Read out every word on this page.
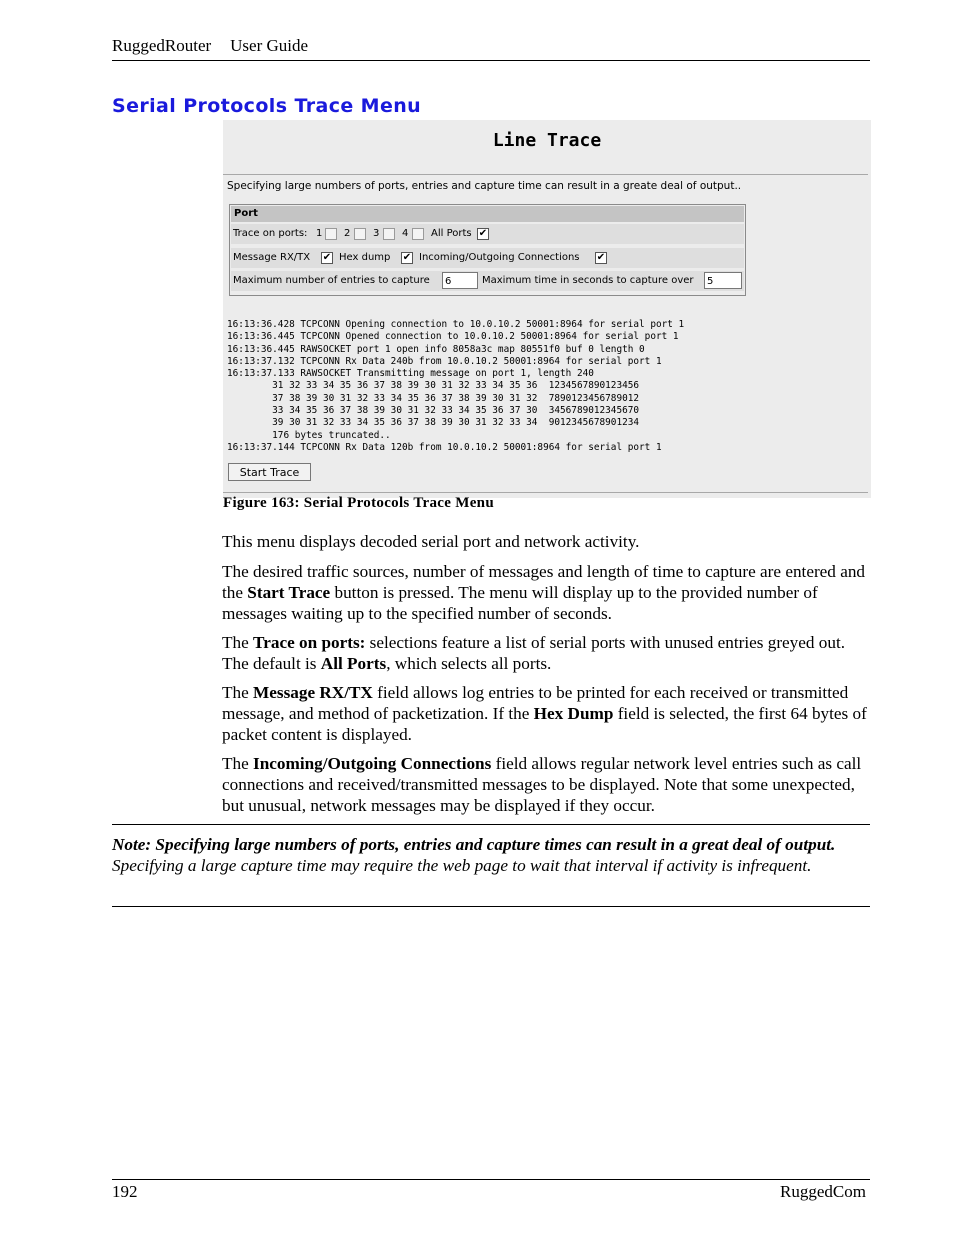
RuggedRouter User Guide
Serial Protocols Trace Menu
Line Trace
Specifying large numbers of ports, entries and capture time can result in a greate deal of output..
Port
Trace on ports: 1 2 3 4 All Ports ✔
Message RX/TX ✔ Hex dump ✔ Incoming/Outgoing Connections ✔
Maximum number of entries to capture	6	Maximum time in seconds to capture over	5
16:13:36.428 TCPCONN Opening connection to 10.0.10.2 50001:8964 for serial port 1
16:13:36.445 TCPCONN Opened connection to 10.0.10.2 50001:8964 for serial port 1
16:13:36.445 RAWSOCKET port 1 open info 8058a3c map 80551f0 buf 0 length 0
16:13:37.132 TCPCONN Rx Data 240b from 10.0.10.2 50001:8964 for serial port 1
16:13:37.133 RAWSOCKET Transmitting message on port 1, length 240
31 32 33 34 35 36 37 38 39 30 31 32 33 34 35 36  1234567890123456
37 38 39 30 31 32 33 34 35 36 37 38 39 30 31 32  7890123456789012
33 34 35 36 37 38 39 30 31 32 33 34 35 36 37 30  3456789012345670
39 30 31 32 33 34 35 36 37 38 39 30 31 32 33 34  9012345678901234
176 bytes truncated..
16:13:37.144 TCPCONN Rx Data 120b from 10.0.10.2 50001:8964 for serial port 1
Start Trace
Figure 163: Serial Protocols Trace Menu

This menu displays decoded serial port and network activity.

The desired traffic sources, number of messages and length of time to capture are entered and the Start Trace button is pressed. The menu will display up to the provided number of messages waiting up to the specified number of seconds.

The Trace on ports: selections feature a list of serial ports with unused entries greyed out. The default is All Ports, which selects all ports.

The Message RX/TX field allows log entries to be printed for each received or transmitted message, and method of packetization. If the Hex Dump field is selected, the first 64 bytes of packet content is displayed.

The Incoming/Outgoing Connections field allows regular network level entries such as call connections and received/transmitted messages to be displayed. Note that some unexpected, but unusual, network messages may be displayed if they occur.

Note: Specifying large numbers of ports, entries and capture times can result in a great deal of output. Specifying a large capture time may require the web page to wait that interval if activity is infrequent.
192	RuggedCom
